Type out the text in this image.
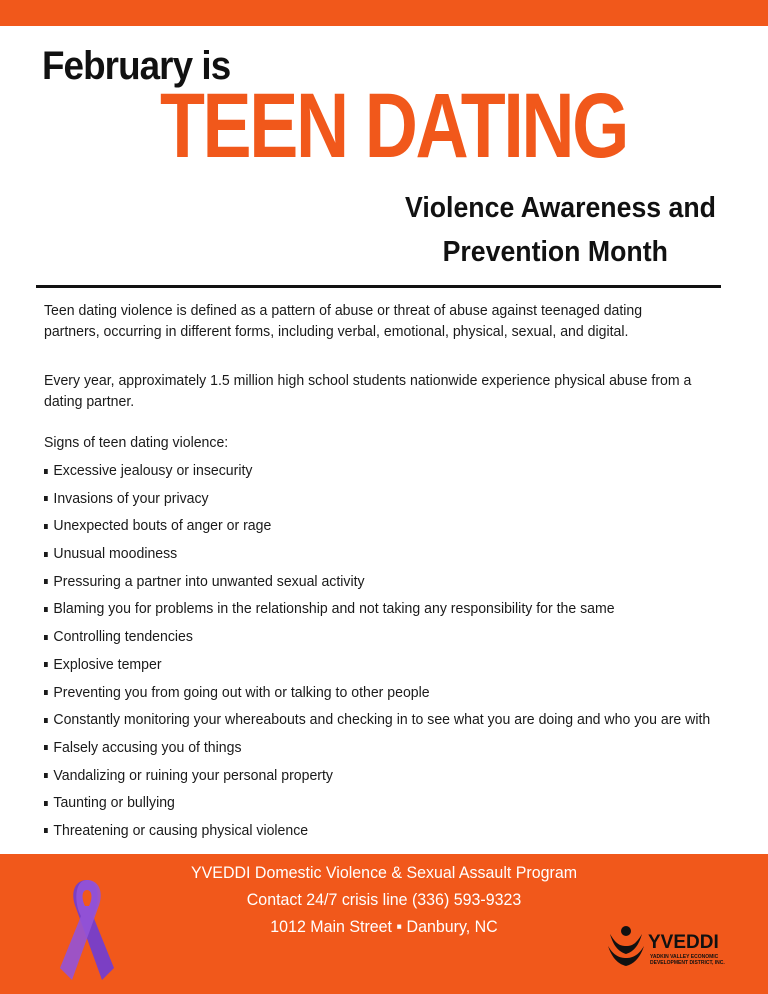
February is
TEEN DATING
Violence Awareness and
Prevention Month
Teen dating violence is defined as a pattern of abuse or threat of abuse against teenaged dating partners, occurring in different forms, including verbal, emotional, physical, sexual, and digital.
Every year, approximately 1.5 million high school students nationwide experience physical abuse from a dating partner.
Signs of teen dating violence:
Excessive jealousy or insecurity
Invasions of your privacy
Unexpected bouts of anger or rage
Unusual moodiness
Pressuring a partner into unwanted sexual activity
Blaming you for problems in the relationship and not taking any responsibility for the same
Controlling tendencies
Explosive temper
Preventing you from going out with or talking to other people
Constantly monitoring your whereabouts and checking in to see what you are doing and who you are with
Falsely accusing you of things
Vandalizing or ruining your personal property
Taunting or bullying
Threatening or causing physical violence
YVEDDI Domestic Violence & Sexual Assault Program
Contact 24/7 crisis line (336) 593-9323
1012 Main Street ▪ Danbury, NC
YVEDDI
YADKIN VALLEY ECONOMIC DEVELOPMENT DISTRICT, INC.
